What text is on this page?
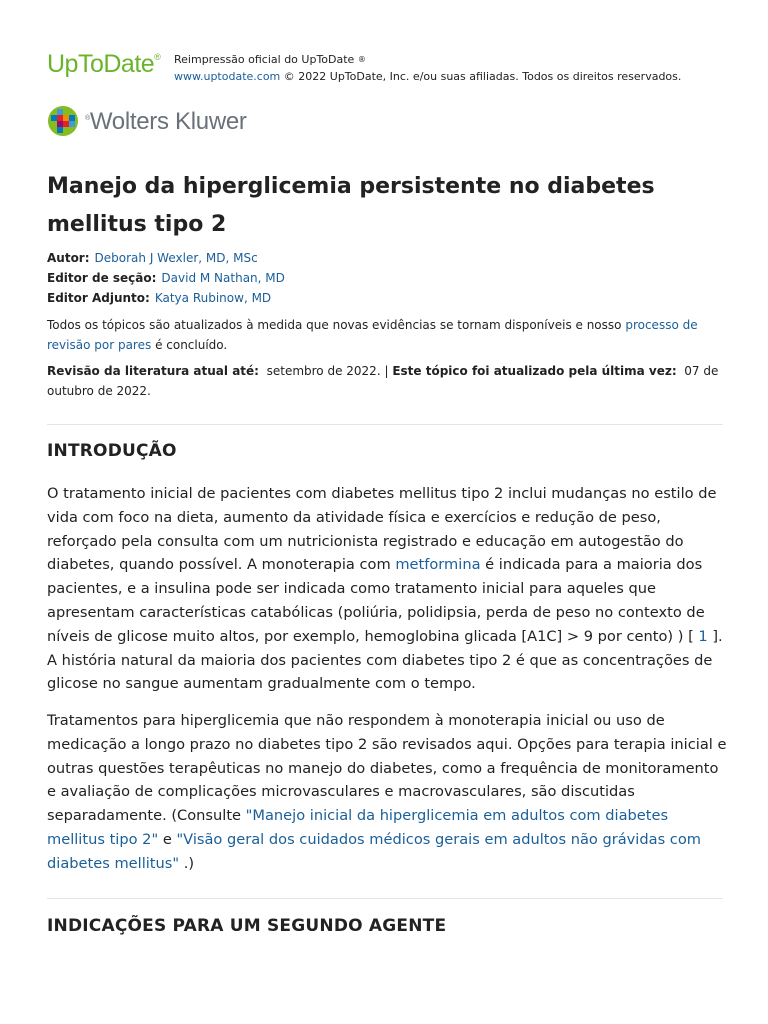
UpToDate® Reimpressão oficial do UpToDate ®
www.uptodate.com © 2022 UpToDate, Inc. e/ou suas afiliadas. Todos os direitos reservados.
®Wolters Kluwer
Manejo da hiperglicemia persistente no diabetes mellitus tipo 2
Autor: Deborah J Wexler, MD, MSc
Editor de seção: David M Nathan, MD
Editor Adjunto: Katya Rubinow, MD
Todos os tópicos são atualizados à medida que novas evidências se tornam disponíveis e nosso processo de revisão por pares é concluído.
Revisão da literatura atual até: setembro de 2022. | Este tópico foi atualizado pela última vez: 07 de outubro de 2022.
INTRODUÇÃO

O tratamento inicial de pacientes com diabetes mellitus tipo 2 inclui mudanças no estilo de vida com foco na dieta, aumento da atividade física e exercícios e redução de peso, reforçado pela consulta com um nutricionista registrado e educação em autogestão do diabetes, quando possível. A monoterapia com metformina é indicada para a maioria dos pacientes, e a insulina pode ser indicada como tratamento inicial para aqueles que apresentam características catabólicas (poliúria, polidipsia, perda de peso no contexto de níveis de glicose muito altos, por exemplo, hemoglobina glicada [A1C] > 9 por cento) ) [ 1 ]. A história natural da maioria dos pacientes com diabetes tipo 2 é que as concentrações de glicose no sangue aumentam gradualmente com o tempo.

Tratamentos para hiperglicemia que não respondem à monoterapia inicial ou uso de medicação a longo prazo no diabetes tipo 2 são revisados aqui. Opções para terapia inicial e outras questões terapêuticas no manejo do diabetes, como a frequência de monitoramento e avaliação de complicações microvasculares e macrovasculares, são discutidas separadamente. (Consulte "Manejo inicial da hiperglicemia em adultos com diabetes mellitus tipo 2" e "Visão geral dos cuidados médicos gerais em adultos não grávidas com diabetes mellitus" .)

INDICAÇÕES PARA UM SEGUNDO AGENTE
